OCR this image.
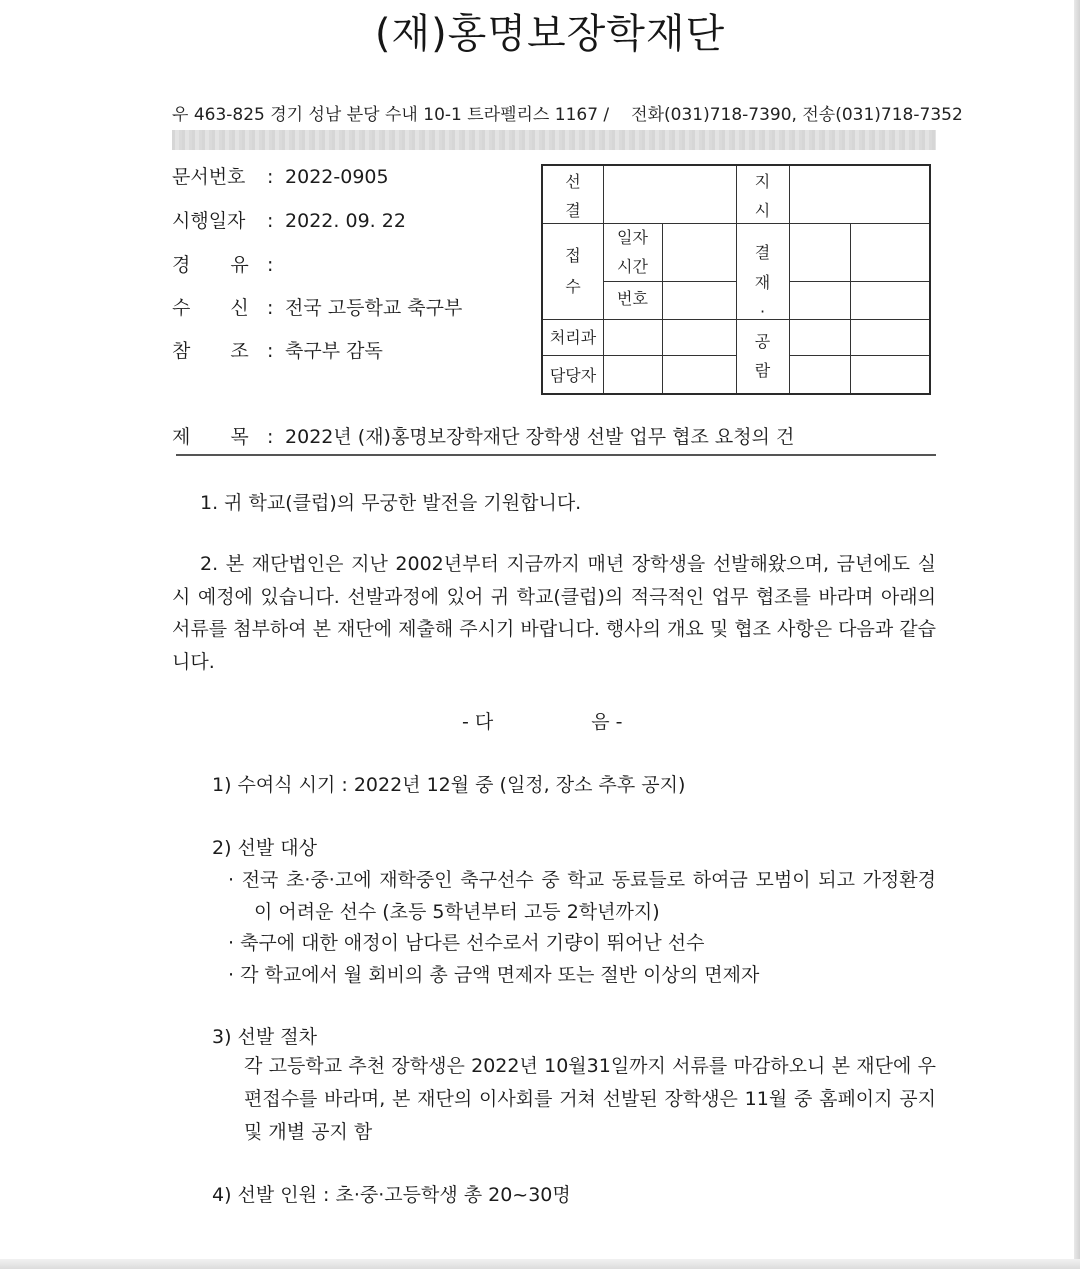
(재)홍명보장학재단
우 463-825 경기 성남 분당 수내 10-1 트라펠리스 1167 / 전화(031)718-7390, 전송(031)718-7352
문서번호 : 2022-0905
시행일자 : 2022. 09. 22
경 유 :
수 신 : 전국 고등학교 축구부
참 조 : 축구부 감독
선
결
접
수
일자
시간
번호
처리과
담당자
지
시
결
재
·
공
람
제 목 : 2022년 (재)홍명보장학재단 장학생 선발 업무 협조 요청의 건
1. 귀 학교(클럽)의 무궁한 발전을 기원합니다.
2. 본 재단법인은 지난 2002년부터 지금까지 매년 장학생을 선발해왔으며, 금년에도 실시 예정에 있습니다. 선발과정에 있어 귀 학교(클럽)의 적극적인 업무 협조를 바라며 아래의 서류를 첨부하여 본 재단에 제출해 주시기 바랍니다. 행사의 개요 및 협조 사항은 다음과 같습니다.
- 다	음 -
1) 수여식 시기 : 2022년 12월 중 (일정, 장소 추후 공지)
2) 선발 대상
· 전국 초·중·고에 재학중인 축구선수 중 학교 동료들로 하여금 모범이 되고 가정환경이 어려운 선수 (초등 5학년부터 고등 2학년까지)
· 축구에 대한 애정이 남다른 선수로서 기량이 뛰어난 선수
· 각 학교에서 월 회비의 총 금액 면제자 또는 절반 이상의 면제자
3) 선발 절차
각 고등학교 추천 장학생은 2022년 10월31일까지 서류를 마감하오니 본 재단에 우편접수를 바라며, 본 재단의 이사회를 거쳐 선발된 장학생은 11월 중 홈페이지 공지 및 개별 공지 함
4) 선발 인원 : 초·중·고등학생 총 20~30명
